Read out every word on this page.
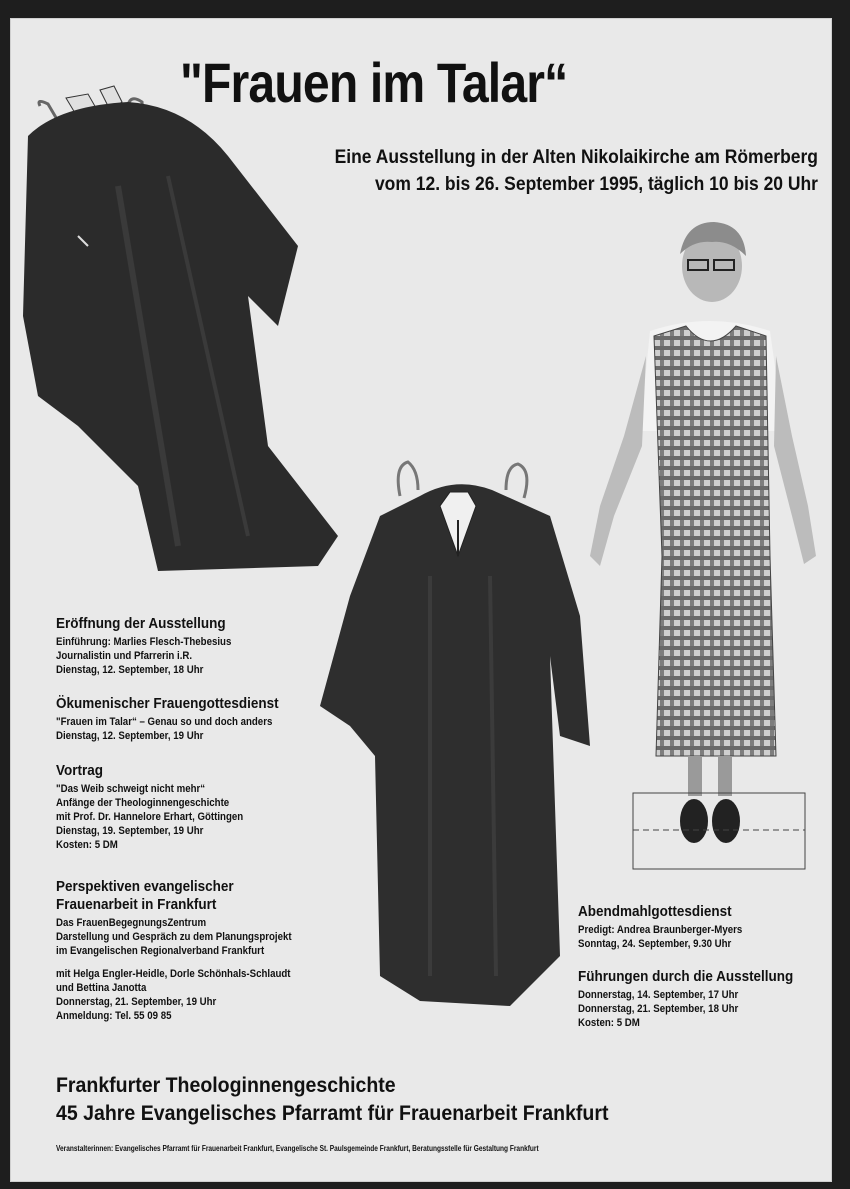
"Frauen im Talar“
Eine Ausstellung in der Alten Nikolaikirche am Römerberg
vom 12. bis 26. September 1995, täglich 10 bis 20 Uhr
Eröffnung der Ausstellung

Einführung: Marlies Flesch-Thebesius

Journalistin und Pfarrerin i.R.

Dienstag, 12. September, 18 Uhr

Ökumenischer Frauengottesdienst

"Frauen im Talar“ – Genau so und doch anders

Dienstag, 12. September, 19 Uhr

Vortrag

"Das Weib schweigt nicht mehr“

Anfänge der Theologinnengeschichte

mit Prof. Dr. Hannelore Erhart, Göttingen

Dienstag, 19. September, 19 Uhr

Kosten: 5 DM

Perspektiven evangelischer
Frauenarbeit in Frankfurt

Das FrauenBegegnungsZentrum

Darstellung und Gespräch zu dem Planungsprojekt

im Evangelischen Regionalverband Frankfurt

mit Helga Engler-Heidle, Dorle Schönhals-Schlaudt

und Bettina Janotta

Donnerstag, 21. September, 19 Uhr

Anmeldung: Tel. 55 09 85

Abendmahlgottesdienst

Predigt: Andrea Braunberger-Myers

Sonntag, 24. September, 9.30 Uhr

Führungen durch die Ausstellung

Donnerstag, 14. September, 17 Uhr

Donnerstag, 21. September, 18 Uhr

Kosten: 5 DM

Frankfurter Theologinnengeschichte
45 Jahre Evangelisches Pfarramt für Frauenarbeit Frankfurt
Veranstalterinnen: Evangelisches Pfarramt für Frauenarbeit Frankfurt, Evangelische St. Paulsgemeinde Frankfurt, Beratungsstelle für Gestaltung Frankfurt
